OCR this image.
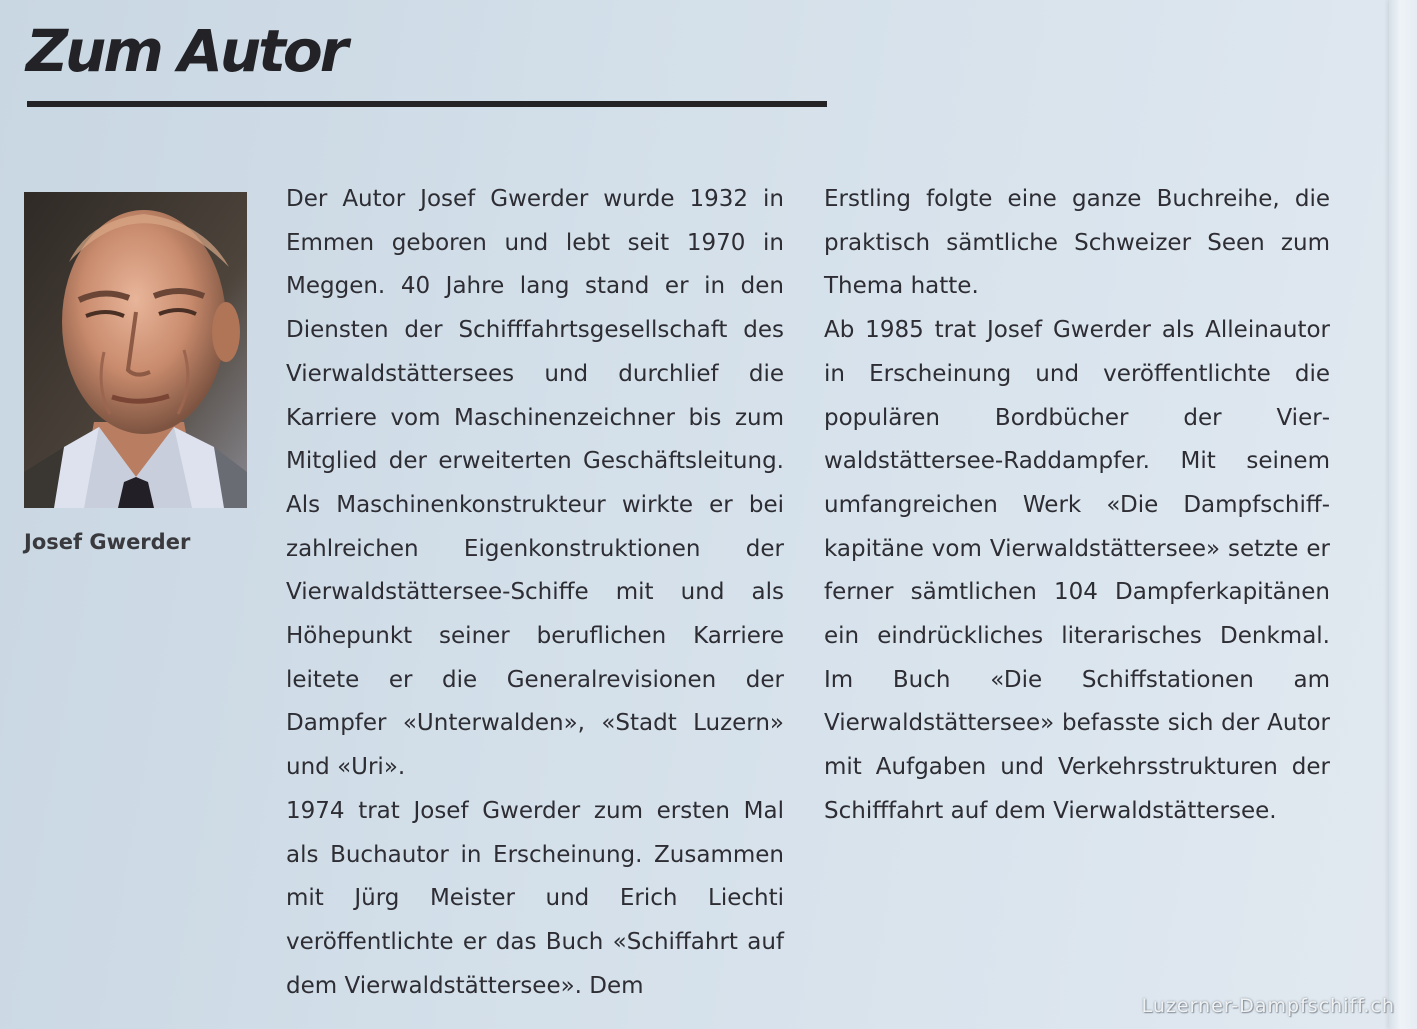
Zum Autor
Josef Gwerder

Der Autor Josef Gwerder wurde 1932 in Emmen geboren und lebt seit 1970 in Meggen. 40 Jahre lang stand er in den Diensten der Schifffahrtsgesellschaft des Vierwaldstättersees und durchlief die Karriere vom Maschinenzeichner bis zum Mitglied der erweiterten Geschäftsleitung. Als Maschinenkonstrukteur wirkte er bei zahlreichen Eigenkonstruktionen der Vierwaldstättersee-Schiffe mit und als Höhepunkt seiner beruflichen Karriere leitete er die Generalrevisionen der Dampfer «Unterwalden», «Stadt Luzern» und «Uri».

1974 trat Josef Gwerder zum ersten Mal als Buchautor in Erscheinung. Zusammen mit Jürg Meister und Erich Liechti veröffentlichte er das Buch «Schiffahrt auf dem Vierwaldstättersee». Dem

Erstling folgte eine ganze Buchreihe, die praktisch sämtliche Schweizer Seen zum Thema hatte.

Ab 1985 trat Josef Gwerder als Alleinautor in Erscheinung und veröffentlichte die populären Bordbücher der Vierwaldstättersee-Raddampfer. Mit seinem umfangreichen Werk «Die Dampfschiffkapitäne vom Vierwaldstättersee» setzte er ferner sämtlichen 104 Dampferkapitänen ein eindrückliches literarisches Denkmal. Im Buch «Die Schiffstationen am Vierwaldstättersee» befasste sich der Autor mit Aufgaben und Verkehrsstrukturen der Schifffahrt auf dem Vierwaldstättersee.

Luzerner-Dampfschiff.ch
